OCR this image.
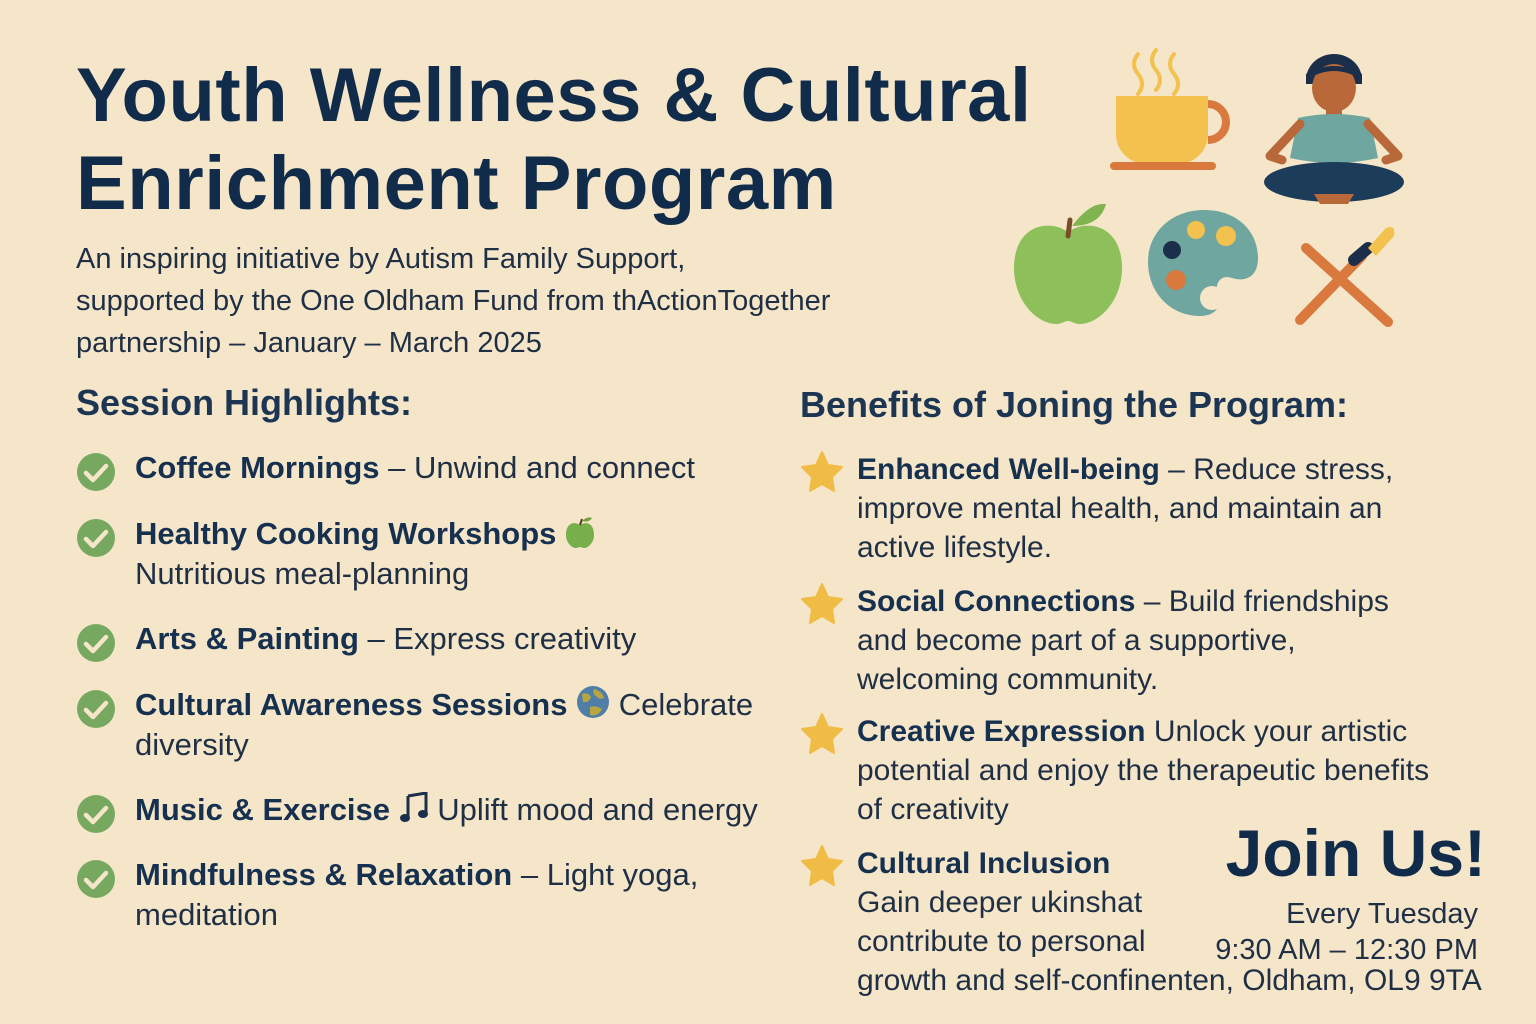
Youth Wellness & Cultural
Enrichment Program
An inspiring initiative by Autism Family Support,
supported by the One Oldham Fund from thActionTogether
partnership – January – March 2025
Session Highlights:
Coffee Mornings – Unwind and connect
Healthy Cooking Workshops
Nutritious meal-planning
Arts & Painting – Express creativity
Cultural Awareness Sessions Celebrate diversity
Music & Exercise Uplift mood and energy
Mindfulness & Relaxation – Light yoga, meditation
Benefits of Joning the Program:
Enhanced Well-being – Reduce stress, improve mental health, and maintain an active lifestyle.
Social Connections – Build friendships and become part of a supportive, welcoming community.
Creative Expression Unlock your artistic potential and enjoy the therapeutic benefits of creativity
Cultural Inclusion
Gain deeper ukinshat
contribute to personal
growth and self-confinenten, Oldham, OL9 9TA
Join Us!
Every Tuesday
9:30 AM – 12:30 PM
